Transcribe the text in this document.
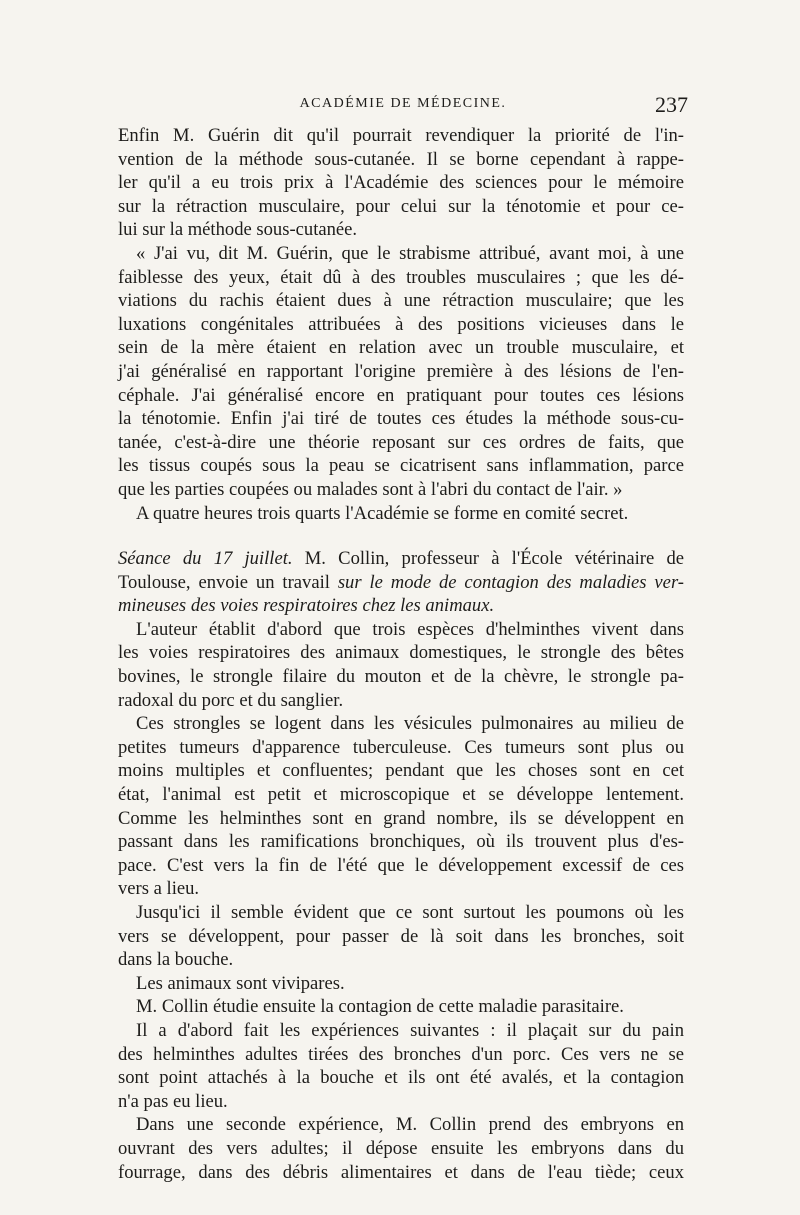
ACADÉMIE DE MÉDECINE.	237
Enfin M. Guérin dit qu'il pourrait revendiquer la priorité de l'in-
vention de la méthode sous-cutanée. Il se borne cependant à rappe-
ler qu'il a eu trois prix à l'Académie des sciences pour le mémoire
sur la rétraction musculaire, pour celui sur la ténotomie et pour ce-
lui sur la méthode sous-cutanée.
« J'ai vu, dit M. Guérin, que le strabisme attribué, avant moi, à une
faiblesse des yeux, était dû à des troubles musculaires ; que les dé-
viations du rachis étaient dues à une rétraction musculaire; que les
luxations congénitales attribuées à des positions vicieuses dans le
sein de la mère étaient en relation avec un trouble musculaire, et
j'ai généralisé en rapportant l'origine première à des lésions de l'en-
céphale. J'ai généralisé encore en pratiquant pour toutes ces lésions
la ténotomie. Enfin j'ai tiré de toutes ces études la méthode sous-cu-
tanée, c'est-à-dire une théorie reposant sur ces ordres de faits, que
les tissus coupés sous la peau se cicatrisent sans inflammation, parce
que les parties coupées ou malades sont à l'abri du contact de l'air. »
A quatre heures trois quarts l'Académie se forme en comité secret.
Séance du 17 juillet. M. Collin, professeur à l'École vétérinaire de
Toulouse, envoie un travail sur le mode de contagion des maladies ver-
mineuses des voies respiratoires chez les animaux.
L'auteur établit d'abord que trois espèces d'helminthes vivent dans
les voies respiratoires des animaux domestiques, le strongle des bêtes
bovines, le strongle filaire du mouton et de la chèvre, le strongle pa-
radoxal du porc et du sanglier.
Ces strongles se logent dans les vésicules pulmonaires au milieu de
petites tumeurs d'apparence tuberculeuse. Ces tumeurs sont plus ou
moins multiples et confluentes; pendant que les choses sont en cet
état, l'animal est petit et microscopique et se développe lentement.
Comme les helminthes sont en grand nombre, ils se développent en
passant dans les ramifications bronchiques, où ils trouvent plus d'es-
pace. C'est vers la fin de l'été que le développement excessif de ces
vers a lieu.
Jusqu'ici il semble évident que ce sont surtout les poumons où les
vers se développent, pour passer de là soit dans les bronches, soit
dans la bouche.
Les animaux sont vivipares.
M. Collin étudie ensuite la contagion de cette maladie parasitaire.
Il a d'abord fait les expériences suivantes : il plaçait sur du pain
des helminthes adultes tirées des bronches d'un porc. Ces vers ne se
sont point attachés à la bouche et ils ont été avalés, et la contagion
n'a pas eu lieu.
Dans une seconde expérience, M. Collin prend des embryons en
ouvrant des vers adultes; il dépose ensuite les embryons dans du
fourrage, dans des débris alimentaires et dans de l'eau tiède; ceux
